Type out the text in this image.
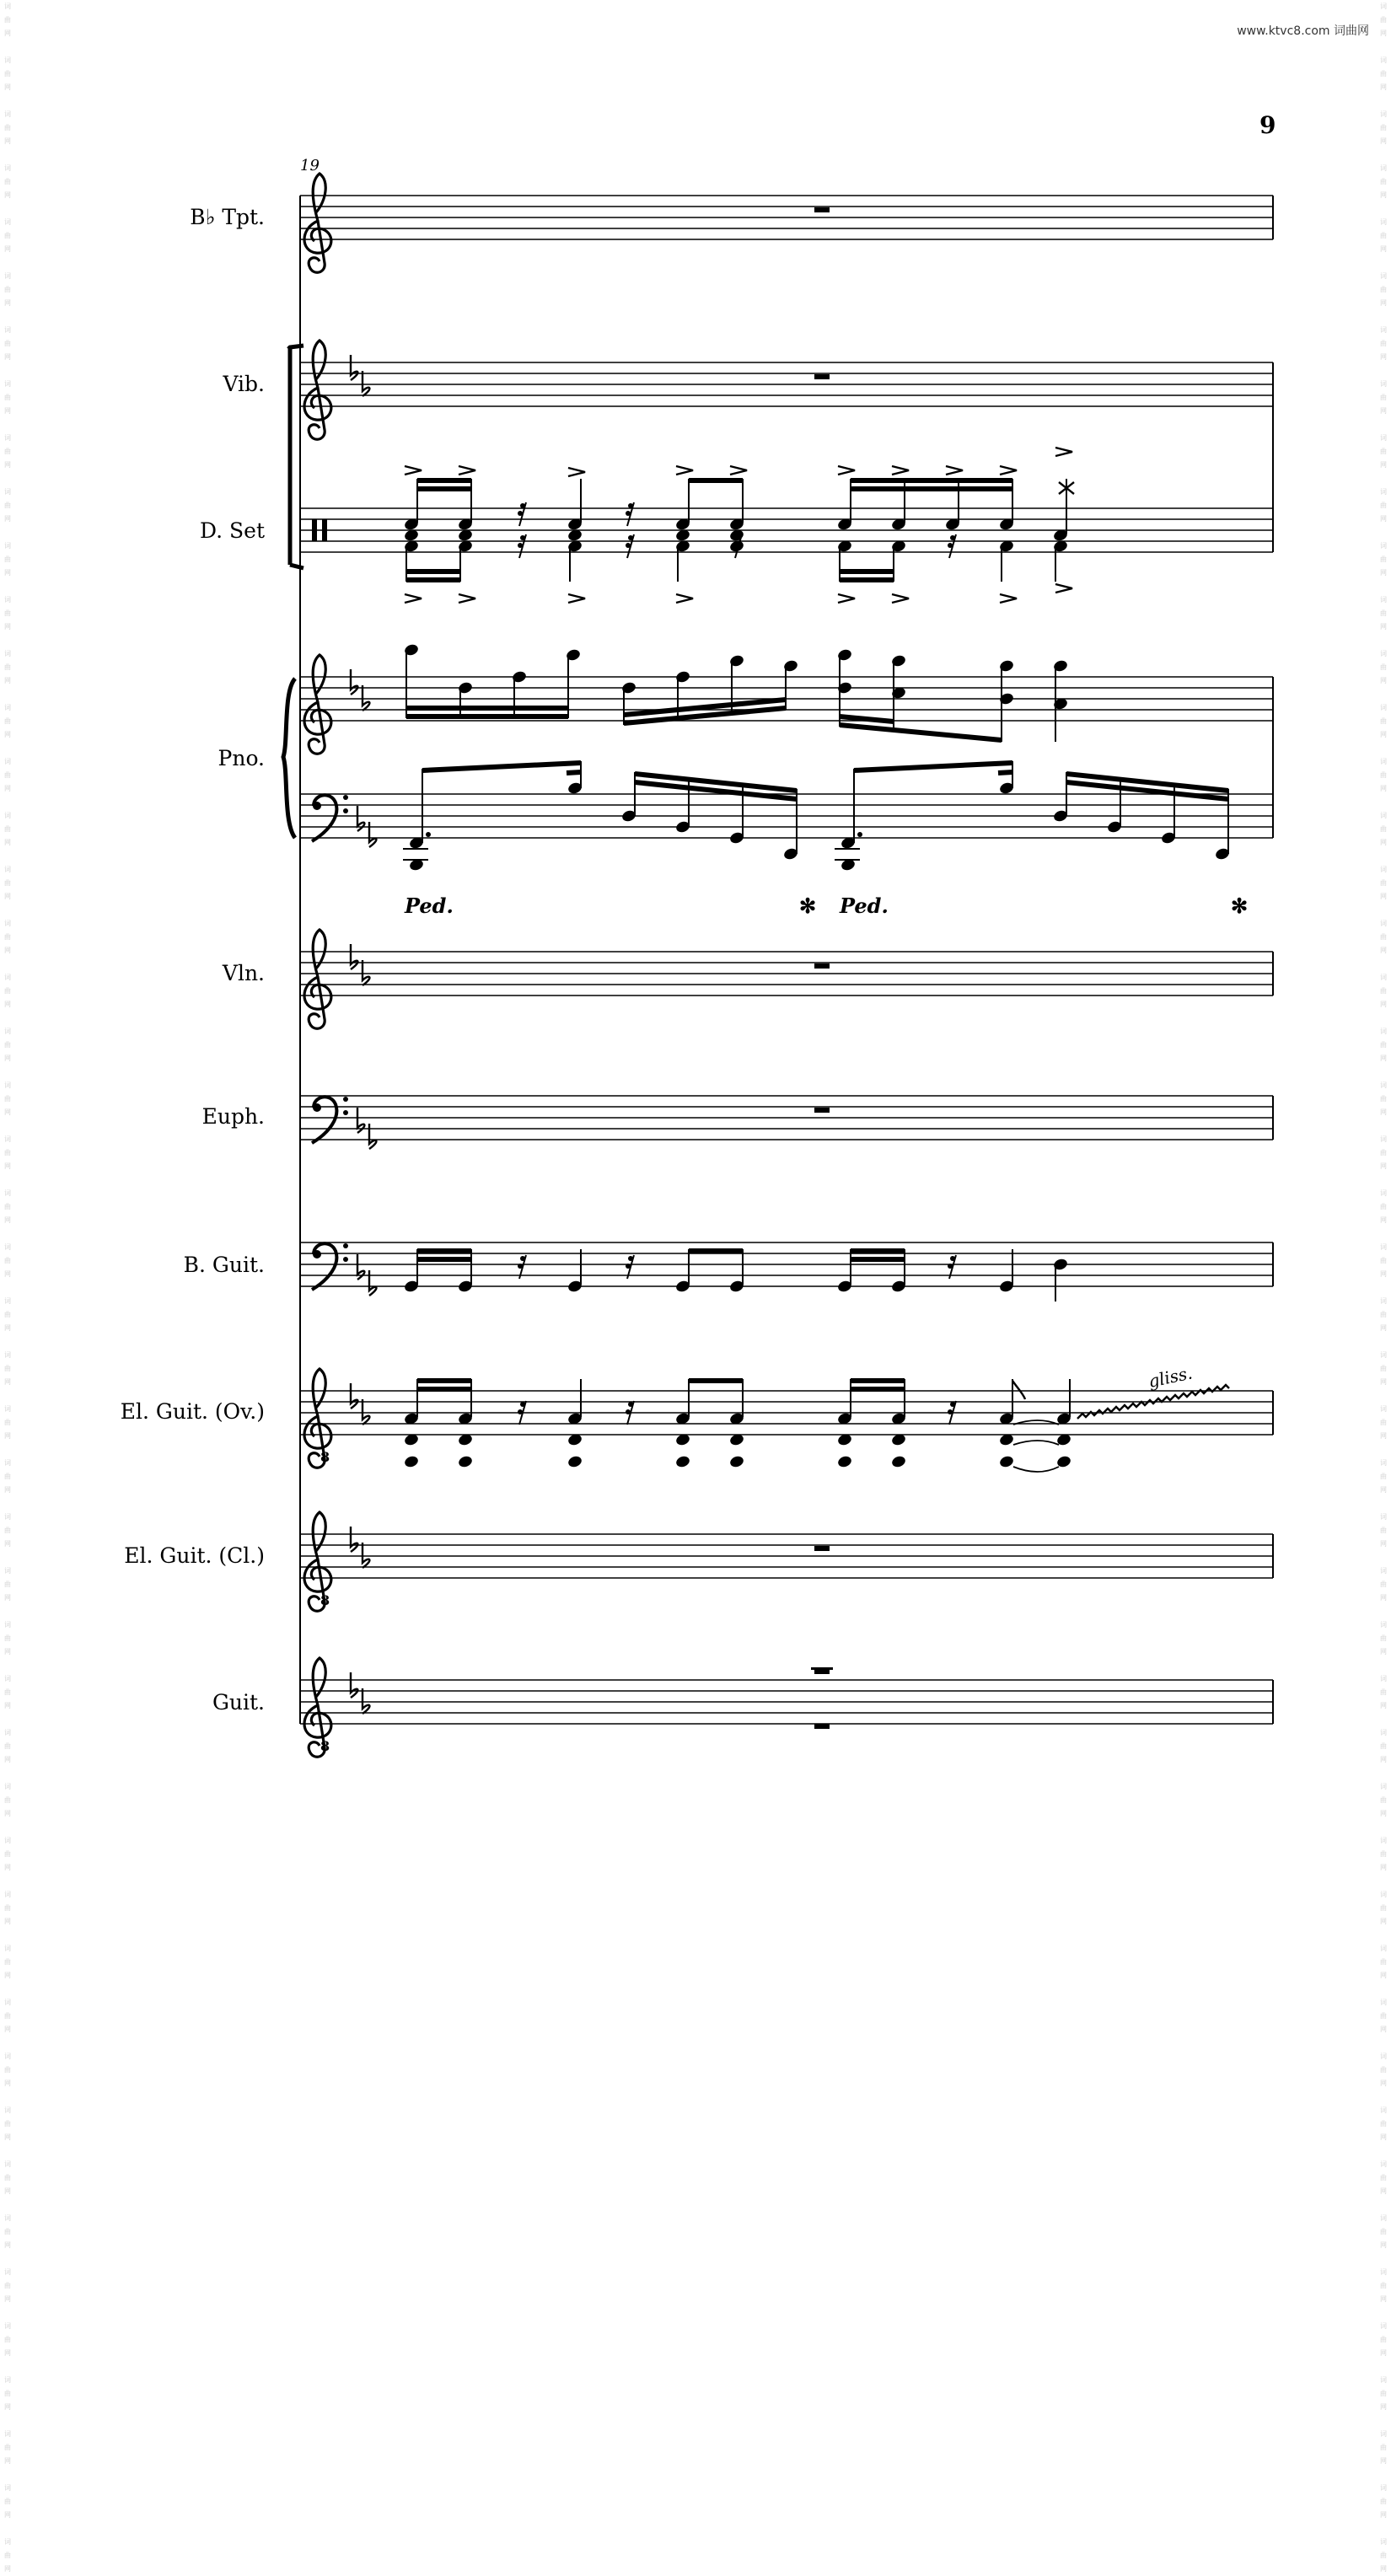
www.ktvc8.com 词曲网
9
19
词
曲
网

词
曲
网

词
曲
网

词
曲
网

词
曲
网

词
曲
网

词
曲
网

词
曲
网

词
曲
网

词
曲
网

词
曲
网

词
曲
网

词
曲
网

词
曲
网

词
曲
网

词
曲
网

词
曲
网

词
曲
网

词
曲
网

词
曲
网

词
曲
网

词
曲
网

词
曲
网

词
曲
网

词
曲
网

词
曲
网

词
曲
网

词
曲
网

词
曲
网

词
曲
网

词
曲
网

词
曲
网

词
曲
网

词
曲
网

词
曲
网

词
曲
网

词
曲
网

词
曲
网

词
曲
网

词
曲
网

词
曲
网

词
曲
网

词
曲
网

词
曲
网

词
曲
网

词
曲
网

词
曲
网

词
曲
网

词
曲
网

词
曲
网

词
曲
网

词
曲
网

词
曲
网

词
曲
网

词
曲
网

词
曲
网

词
曲
网

词
曲
网

词
曲
网

词
曲
网

词
曲
网

词
曲
网

词
曲
网

词
曲
网

词
曲
网

词
曲
网

词
曲
网

词
曲
网

词
曲
网

词
曲
网

词
曲
网

词
曲
网

词
曲
网

词
曲
网

词
曲
网

词
曲
网

词
曲
网

词
曲
网

词
曲
网

词
曲
网

词
曲
网

词
曲
网

词
曲
网

词
曲
网

词
曲
网

词
曲
网

词
曲
网

词
曲
网

词
曲
网

词
曲
网

词
曲
网

词
曲
网

词
曲
网

词
曲
网

词
曲
网

词
曲
网

B♭ Tpt.
Vib.
D. Set
Pno.
Vln.
Euph.
B. Guit.
El. Guit. (Ov.)
El. Guit. (Cl.)
Guit.
Ped.	✻ Ped.	✻
8
gliss.
8
8
